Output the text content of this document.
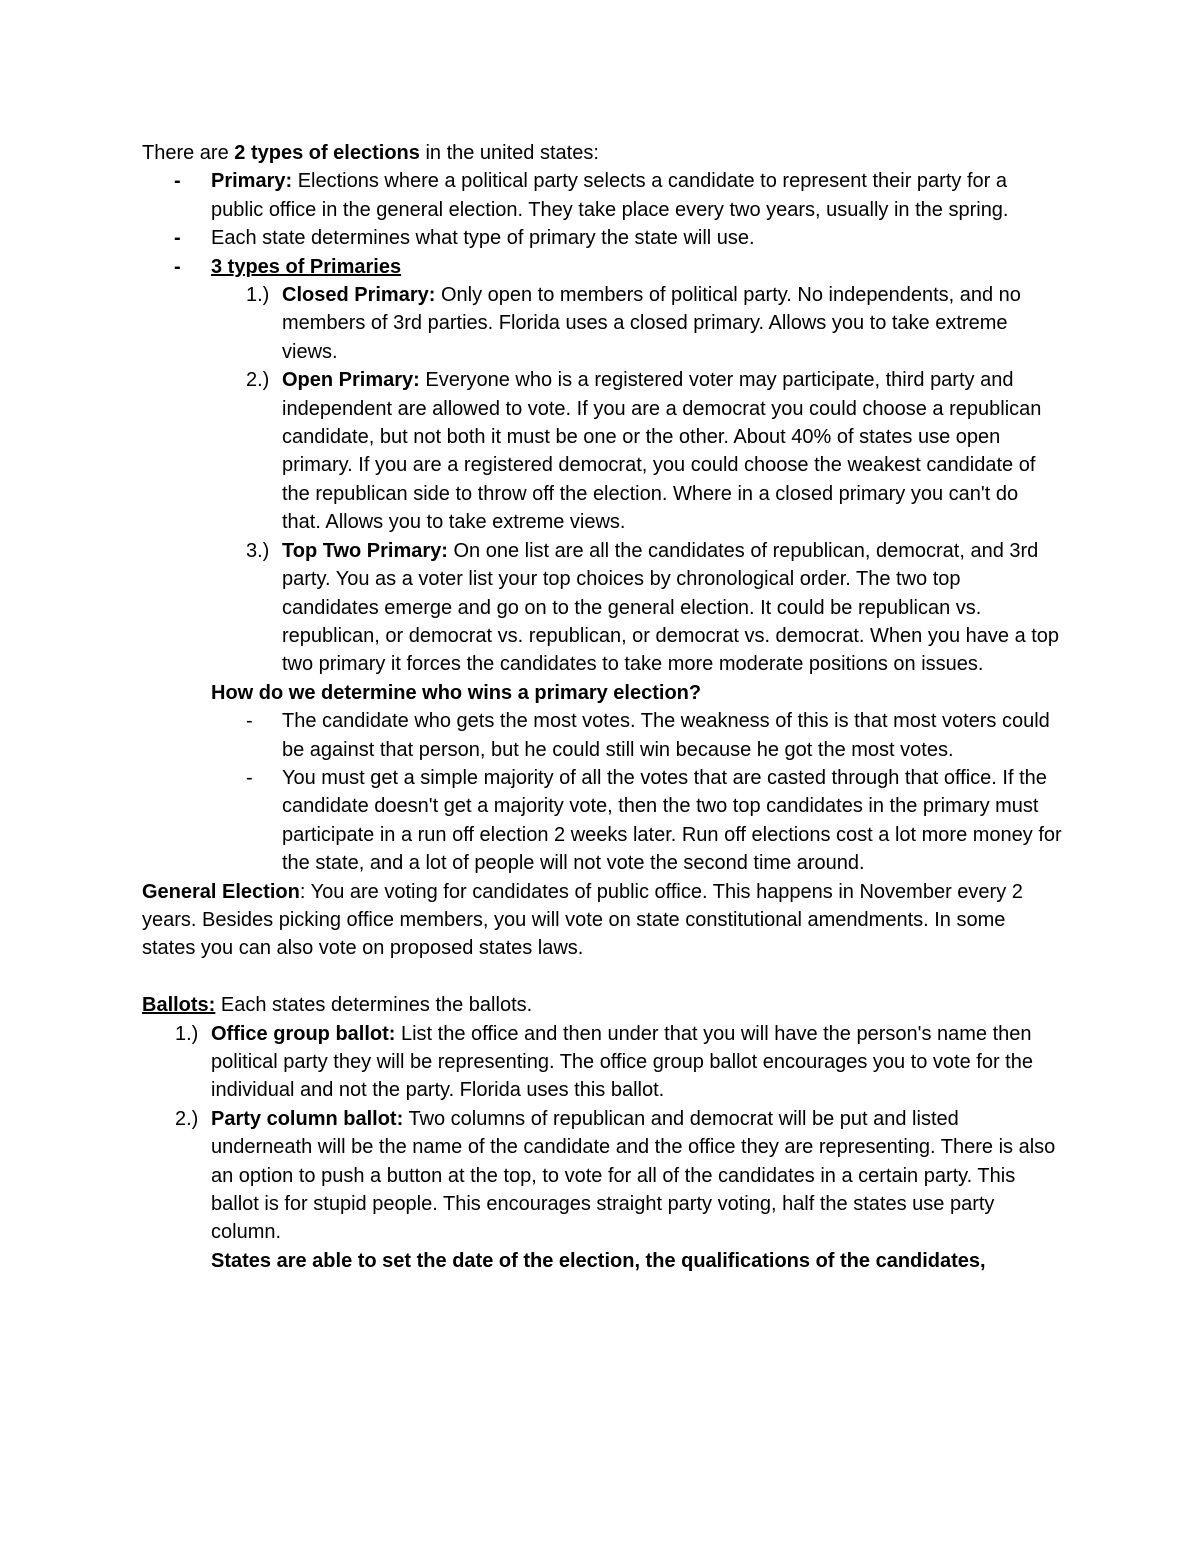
There are 2 types of elections in the united states:

- Primary: Elections where a political party selects a candidate to represent their party for a public office in the general election. They take place every two years, usually in the spring.

- Each state determines what type of primary the state will use.

- 3 types of Primaries

1.) Closed Primary: Only open to members of political party. No independents, and no members of 3rd parties. Florida uses a closed primary. Allows you to take extreme views.

2.) Open Primary: Everyone who is a registered voter may participate, third party and independent are allowed to vote. If you are a democrat you could choose a republican candidate, but not both it must be one or the other. About 40% of states use open primary. If you are a registered democrat, you could choose the weakest candidate of the republican side to throw off the election. Where in a closed primary you can't do that. Allows you to take extreme views.

3.) Top Two Primary: On one list are all the candidates of republican, democrat, and 3rd party. You as a voter list your top choices by chronological order. The two top candidates emerge and go on to the general election. It could be republican vs. republican, or democrat vs. republican, or democrat vs. democrat. When you have a top two primary it forces the candidates to take more moderate positions on issues.

How do we determine who wins a primary election?

- The candidate who gets the most votes. The weakness of this is that most voters could be against that person, but he could still win because he got the most votes.

- You must get a simple majority of all the votes that are casted through that office. If the candidate doesn't get a majority vote, then the two top candidates in the primary must participate in a run off election 2 weeks later. Run off elections cost a lot more money for the state, and a lot of people will not vote the second time around.

General Election: You are voting for candidates of public office. This happens in November every 2 years. Besides picking office members, you will vote on state constitutional amendments. In some states you can also vote on proposed states laws.

Ballots: Each states determines the ballots.

1.) Office group ballot: List the office and then under that you will have the person's name then political party they will be representing. The office group ballot encourages you to vote for the individual and not the party. Florida uses this ballot.

2.) Party column ballot: Two columns of republican and democrat will be put and listed underneath will be the name of the candidate and the office they are representing. There is also an option to push a button at the top, to vote for all of the candidates in a certain party. This ballot is for stupid people. This encourages straight party voting, half the states use party column.

States are able to set the date of the election, the qualifications of the candidates,
